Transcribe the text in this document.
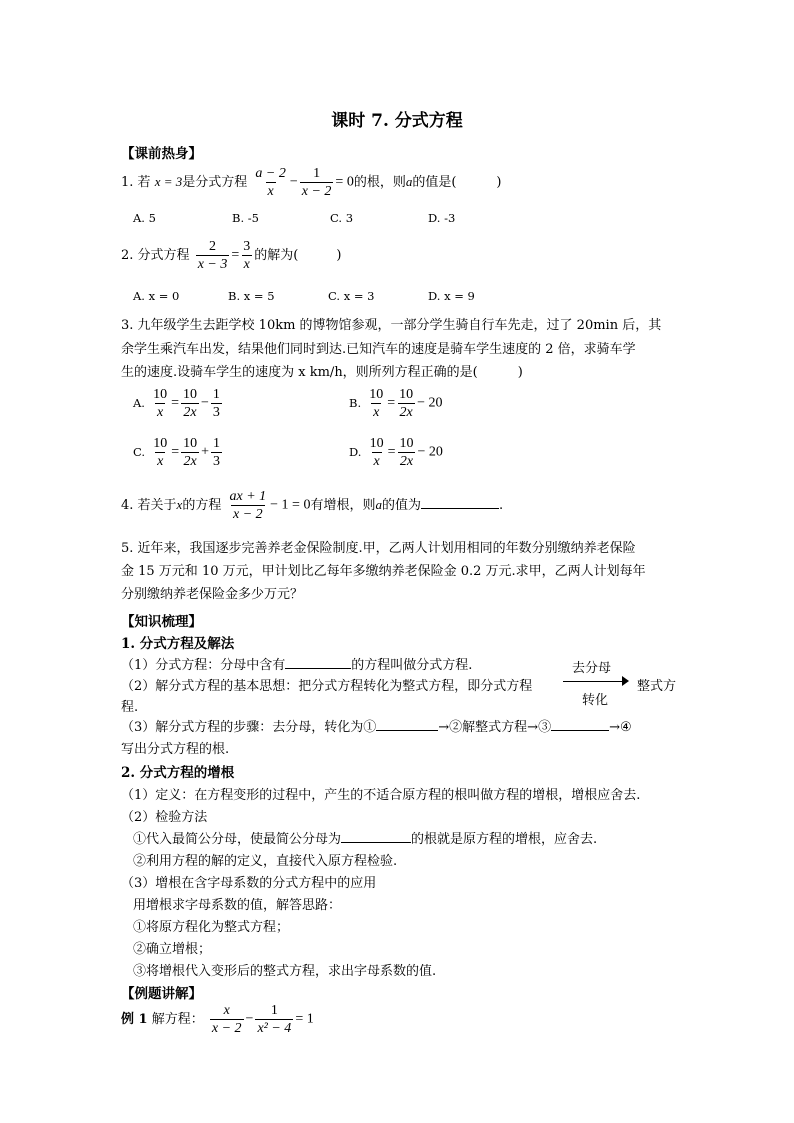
课时 7. 分式方程
【课前热身】
1. 若 x = 3是分式方程 $\frac{a - 2}{x} - \frac{1}{x - 2} = 0$的根，则a的值是(	)
A. 5	B. -5	C. 3	D. -3
2. 分式方程 $\frac{2}{x - 3} = \frac{3}{x}$ 的解为(	)
A. x = 0	B. x = 5	C. x = 3	D. x = 9
3. 九年级学生去距学校 10km 的博物馆参观，一部分学生骑自行车先走，过了 20min 后，其
余学生乘汽车出发，结果他们同时到达.已知汽车的速度是骑车学生速度的 2 倍，求骑车学
生的速度.设骑车学生的速度为 x km/h，则所列方程正确的是(	)
A. $\frac{10}{x} = \frac{10}{2x} - \frac{1}{3}$	B. $\frac{10}{x} = \frac{10}{2x} - 20$
C. $\frac{10}{x} = \frac{10}{2x} + \frac{1}{3}$	D. $\frac{10}{x} = \frac{10}{2x} - 20$
4. 若关于x的方程 $\frac{ax + 1}{x - 2} - 1 = 0$有增根，则a的值为	.
5. 近年来，我国逐步完善养老金保险制度.甲，乙两人计划用相同的年数分别缴纳养老保险
金 15 万元和 10 万元，甲计划比乙每年多缴纳养老保险金 0.2 万元.求甲，乙两人计划每年
分别缴纳养老保险金多少万元？
【知识梳理】
1. 分式方程及解法
（1）分式方程：分母中含有	的方程叫做分式方程.	去分母
（2）解分式方程的基本思想：把分式方程转化为整式方程，即分式方程	整式方
转化
程.
（3）解分式方程的步骤：去分母，转化为①	→②解整式方程→③	→④
写出分式方程的根.
2. 分式方程的增根
（1）定义：在方程变形的过程中，产生的不适合原方程的根叫做方程的增根，增根应舍去.
（2）检验方法
①代入最简公分母，使最简公分母为	的根就是原方程的增根，应舍去.
②利用方程的解的定义，直接代入原方程检验.
（3）增根在含字母系数的分式方程中的应用
用增根求字母系数的值，解答思路：
①将原方程化为整式方程；
②确立增根；
③将增根代入变形后的整式方程，求出字母系数的值.
【例题讲解】
例 1 解方程： $\frac{x}{x - 2} - \frac{1}{\text{x² − 4}} = 1$
